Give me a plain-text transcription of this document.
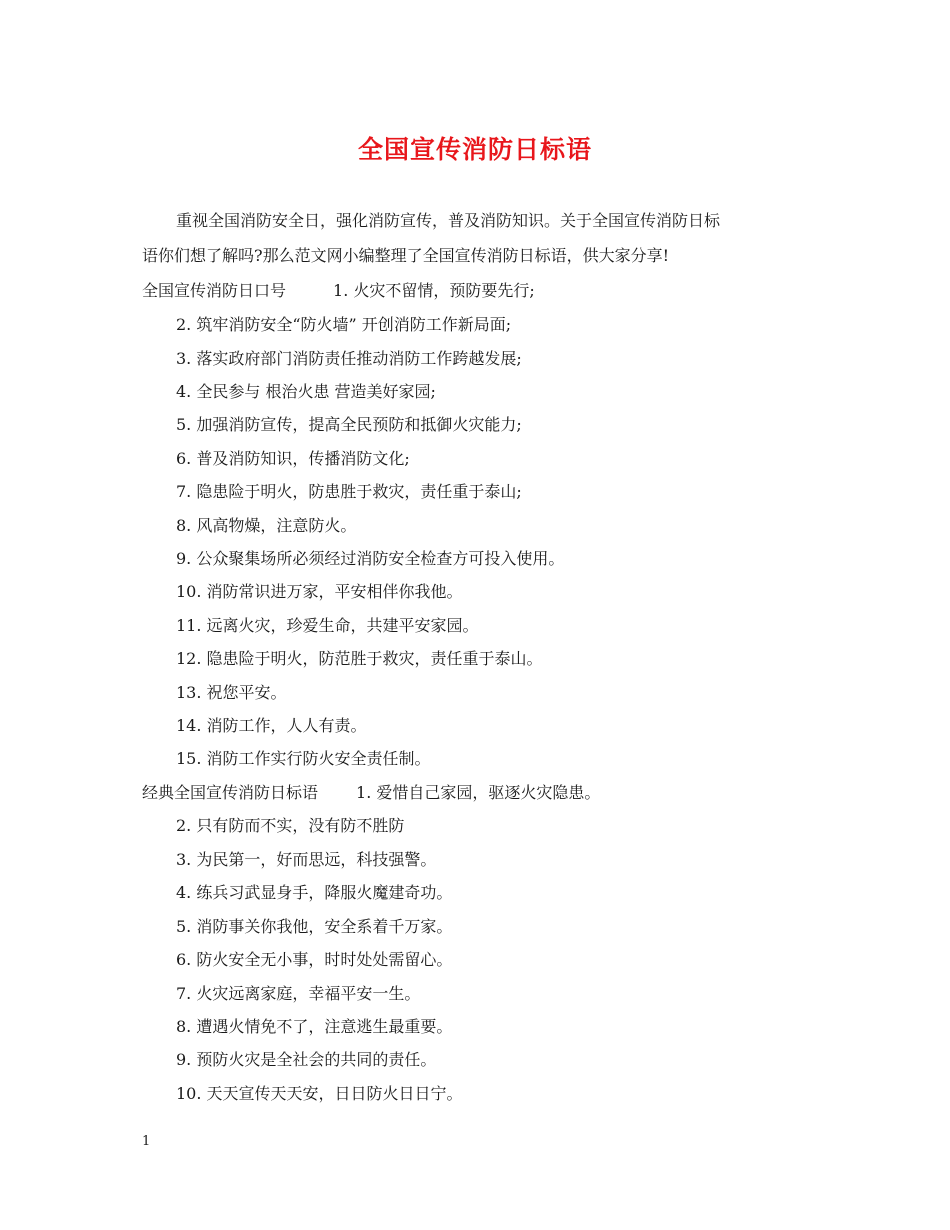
全国宣传消防日标语
重视全国消防安全日，强化消防宣传，普及消防知识。关于全国宣传消防日标
语你们想了解吗?那么范文网小编整理了全国宣传消防日标语，供大家分享!
全国宣传消防日口号	1. 火灾不留情，预防要先行;
2. 筑牢消防安全“防火墙” 开创消防工作新局面;
3. 落实政府部门消防责任推动消防工作跨越发展;
4. 全民参与 根治火患 营造美好家园;
5. 加强消防宣传，提高全民预防和抵御火灾能力;
6. 普及消防知识，传播消防文化;
7. 隐患险于明火，防患胜于救灾，责任重于泰山;
8. 风高物燥，注意防火。
9. 公众聚集场所必须经过消防安全检查方可投入使用。
10. 消防常识进万家，平安相伴你我他。
11. 远离火灾，珍爱生命，共建平安家园。
12. 隐患险于明火，防范胜于救灾，责任重于泰山。
13. 祝您平安。
14. 消防工作，人人有责。
15. 消防工作实行防火安全责任制。
经典全国宣传消防日标语 1. 爱惜自己家园，驱逐火灾隐患。
2. 只有防而不实，没有防不胜防
3. 为民第一，好而思远，科技强警。
4. 练兵习武显身手，降服火魔建奇功。
5. 消防事关你我他，安全系着千万家。
6. 防火安全无小事，时时处处需留心。
7. 火灾远离家庭，幸福平安一生。
8. 遭遇火情免不了，注意逃生最重要。
9. 预防火灾是全社会的共同的责任。
10. 天天宣传天天安，日日防火日日宁。
1
